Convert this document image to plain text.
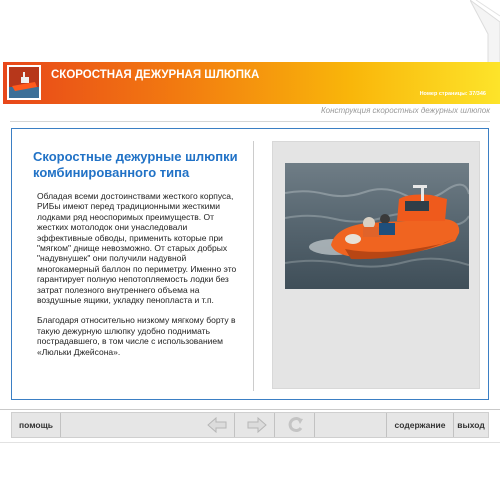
СКОРОСТНАЯ ДЕЖУРНАЯ ШЛЮПКА
Номер страницы: 37/346
Конструкция скоростных дежурных шлюпок
Скоростные дежурные шлюпки комбинированного типа

Обладая всеми достоинствами жесткого корпуса, РИБы имеют перед традиционными жесткими лодками ряд неоспоримых преимуществ. От жестких мотолодок они унаследовали эффективные обводы, применить которые при "мягком" днище невозможно. От старых добрых "надувнушек" они получили надувной многокамерный баллон по периметру. Именно это гарантирует полную непотопляемость лодки без затрат полезного внутреннего объема на воздушные ящики, укладку пенопласта и т.п.

Благодаря относительно низкому мягкому борту в такую дежурную шлюпку удобно поднимать пострадавшего, в том числе с использованием «Люльки Джейсона».

помощь	содержание	выход
